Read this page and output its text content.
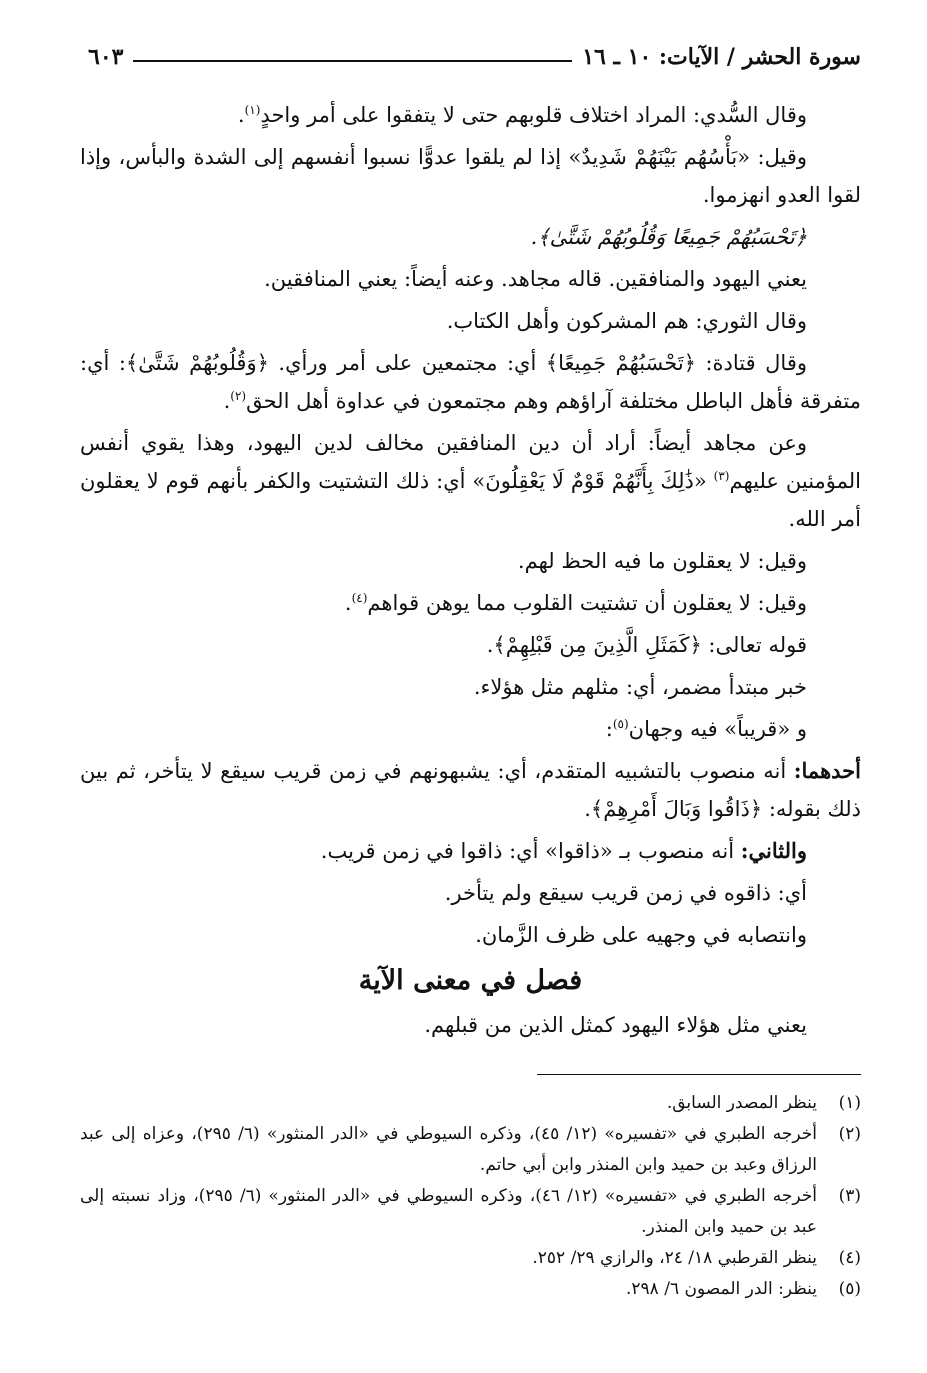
سورة الحشر / الآيات: ١٠ ـ ١٦
٦٠٣

وقال السُّدي: المراد اختلاف قلوبهم حتى لا يتفقوا على أمر واحدٍ$^{(١)}$.

وقيل: «بَأْسُهُم بَيْنَهُمْ شَدِيدٌ» إذا لم يلقوا عدوًّا نسبوا أنفسهم إلى الشدة والبأس، وإذا لقوا العدو انهزموا.

﴿تَحْسَبُهُمْ جَمِيعًا وَقُلُوبُهُمْ شَتَّىٰ﴾.

يعني اليهود والمنافقين. قاله مجاهد. وعنه أيضاً: يعني المنافقين.

وقال الثوري: هم المشركون وأهل الكتاب.

وقال قتادة: ﴿تَحْسَبُهُمْ جَمِيعًا﴾ أي: مجتمعين على أمر ورأي. ﴿وَقُلُوبُهُمْ شَتَّىٰ﴾: أي: متفرقة فأهل الباطل مختلفة آراؤهم وهم مجتمعون في عداوة أهل الحق$^{(٢)}$.

وعن مجاهد أيضاً: أراد أن دين المنافقين مخالف لدين اليهود، وهذا يقوي أنفس المؤمنين عليهم$^{(٣)}$ «ذَٰلِكَ بِأَنَّهُمْ قَوْمٌ لَا يَعْقِلُونَ» أي: ذلك التشتيت والكفر بأنهم قوم لا يعقلون أمر الله.

وقيل: لا يعقلون ما فيه الحظ لهم.

وقيل: لا يعقلون أن تشتيت القلوب مما يوهن قواهم$^{(٤)}$.

قوله تعالى: ﴿كَمَثَلِ الَّذِينَ مِن قَبْلِهِمْ﴾.

خبر مبتدأ مضمر، أي: مثلهم مثل هؤلاء.

و «قريباً» فيه وجهان$^{(٥)}$:

أحدهما: أنه منصوب بالتشبيه المتقدم، أي: يشبهونهم في زمن قريب سيقع لا يتأخر، ثم بين ذلك بقوله: ﴿ذَاقُوا وَبَالَ أَمْرِهِمْ﴾.

والثاني: أنه منصوب بـ «ذاقوا» أي: ذاقوا في زمن قريب.

أي: ذاقوه في زمن قريب سيقع ولم يتأخر.

وانتصابه في وجهيه على ظرف الزَّمان.

فصل في معنى الآية

يعني مثل هؤلاء اليهود كمثل الذين من قبلهم.

(١)
ينظر المصدر السابق.
(٢)
أخرجه الطبري في «تفسيره» (١٢/ ٤٥)، وذكره السيوطي في «الدر المنثور» (٦/ ٢٩٥)، وعزاه إلى عبد الرزاق وعبد بن حميد وابن المنذر وابن أبي حاتم.
(٣)
أخرجه الطبري في «تفسيره» (١٢/ ٤٦)، وذكره السيوطي في «الدر المنثور» (٦/ ٢٩٥)، وزاد نسبته إلى عبد بن حميد وابن المنذر.
(٤)
ينظر القرطبي ١٨/ ٢٤، والرازي ٢٩/ ٢٥٢.
(٥)
ينظر: الدر المصون ٦/ ٢٩٨.
